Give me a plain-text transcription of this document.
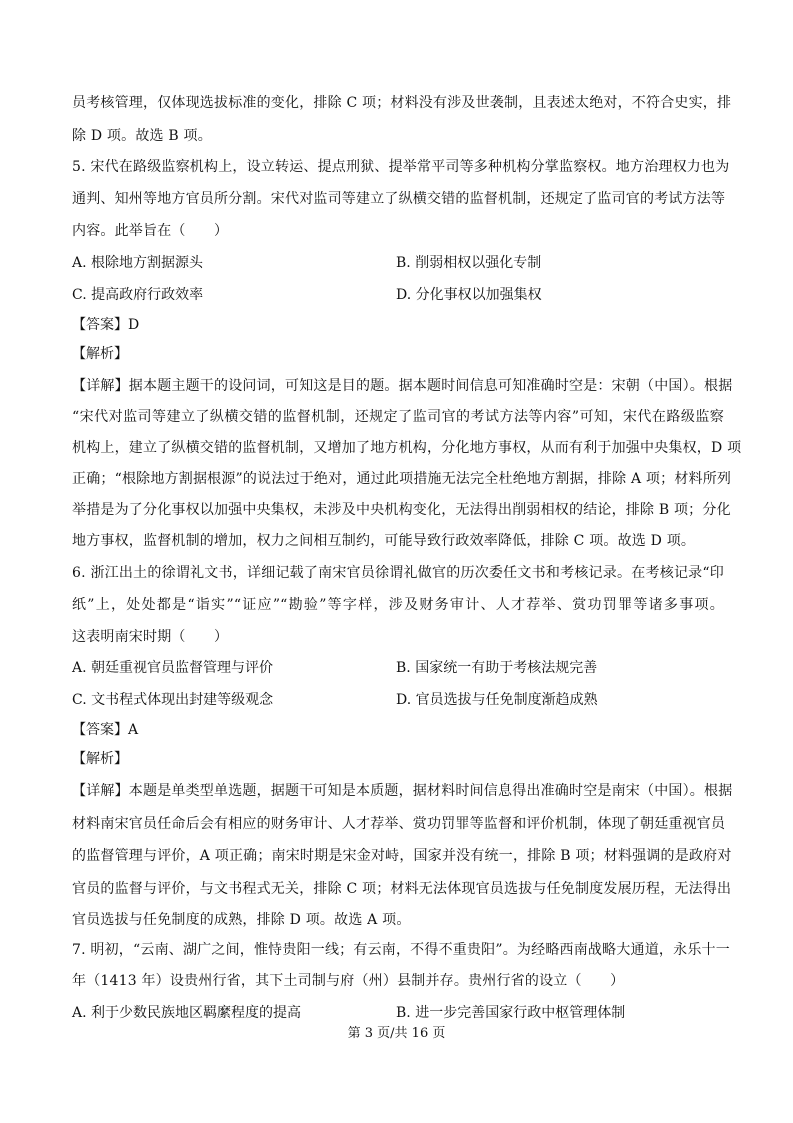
员考核管理，仅体现选拔标准的变化，排除 C 项；材料没有涉及世袭制，且表述太绝对，不符合史实，排
除 D 项。故选 B 项。
5. 宋代在路级监察机构上，设立转运、提点刑狱、提举常平司等多种机构分掌监察权。地方治理权力也为
通判、知州等地方官员所分割。宋代对监司等建立了纵横交错的监督机制，还规定了监司官的考试方法等
内容。此举旨在（　　）
A. 根除地方割据源头	B. 削弱相权以强化专制
C. 提高政府行政效率	D. 分化事权以加强集权
【答案】D
【解析】
【详解】据本题主题干的设问词，可知这是目的题。据本题时间信息可知准确时空是：宋朝（中国）。根据
“宋代对监司等建立了纵横交错的监督机制，还规定了监司官的考试方法等内容”可知，宋代在路级监察
机构上，建立了纵横交错的监督机制，又增加了地方机构，分化地方事权，从而有利于加强中央集权，D 项
正确；“根除地方割据根源”的说法过于绝对，通过此项措施无法完全杜绝地方割据，排除 A 项；材料所列
举措是为了分化事权以加强中央集权，未涉及中央机构变化，无法得出削弱相权的结论，排除 B 项；分化
地方事权，监督机制的增加，权力之间相互制约，可能导致行政效率降低，排除 C 项。故选 D 项。
6. 浙江出土的徐谓礼文书，详细记载了南宋官员徐谓礼做官的历次委任文书和考核记录。在考核记录“印
纸”上，处处都是“诣实”“证应”“勘验”等字样，涉及财务审计、人才荐举、赏功罚罪等诸多事项。
这表明南宋时期（　　）
A. 朝廷重视官员监督管理与评价	B. 国家统一有助于考核法规完善
C. 文书程式体现出封建等级观念	D. 官员选拔与任免制度渐趋成熟
【答案】A
【解析】
【详解】本题是单类型单选题，据题干可知是本质题，据材料时间信息得出准确时空是南宋（中国）。根据
材料南宋官员任命后会有相应的财务审计、人才荐举、赏功罚罪等监督和评价机制，体现了朝廷重视官员
的监督管理与评价，A 项正确；南宋时期是宋金对峙，国家并没有统一，排除 B 项；材料强调的是政府对
官员的监督与评价，与文书程式无关，排除 C 项；材料无法体现官员选拔与任免制度发展历程，无法得出
官员选拔与任免制度的成熟，排除 D 项。故选 A 项。
7. 明初，“云南、湖广之间，惟恃贵阳一线；有云南，不得不重贵阳”。为经略西南战略大通道，永乐十一
年（1413 年）设贵州行省，其下土司制与府（州）县制并存。贵州行省的设立（　　）
A. 利于少数民族地区羁縻程度的提高	B. 进一步完善国家行政中枢管理体制
第 3 页/共 16 页
